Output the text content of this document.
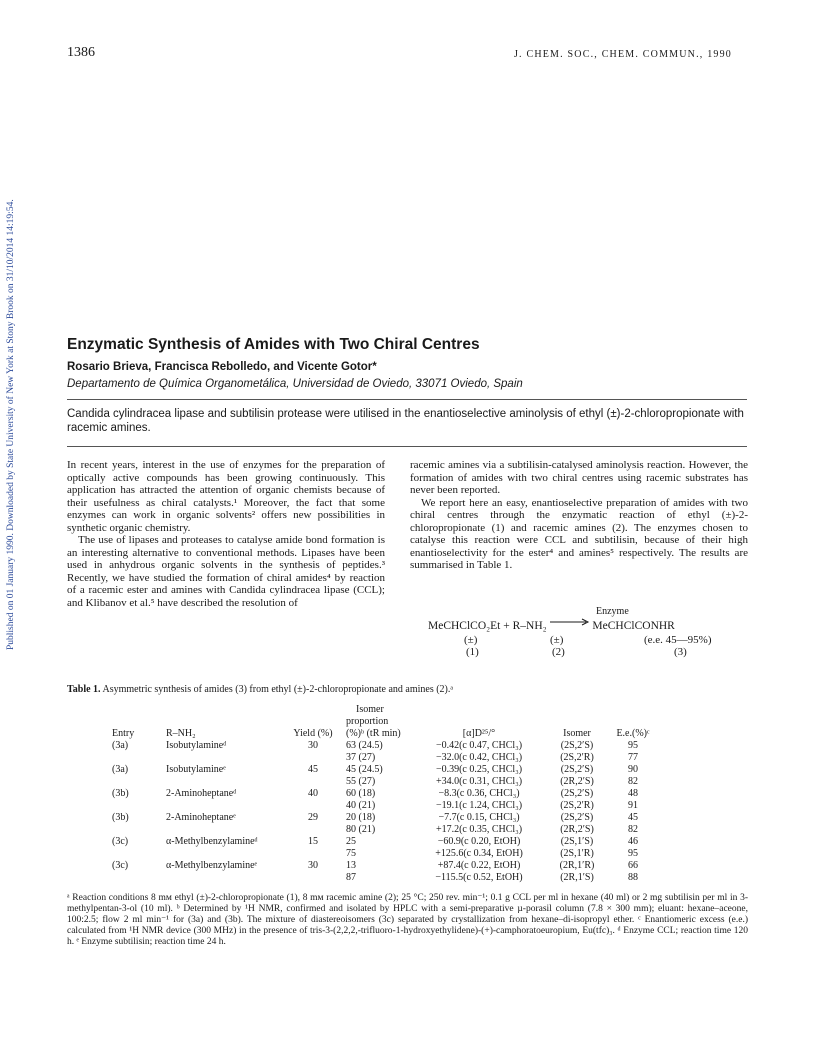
Published on 01 January 1990. Downloaded by State University of New York at Stony Brook on 31/10/2014 14:19:54.
1386	J. CHEM. SOC., CHEM. COMMUN., 1990
Enzymatic Synthesis of Amides with Two Chiral Centres
Rosario Brieva, Francisca Rebolledo, and Vicente Gotor*
Departamento de Química Organometálica, Universidad de Oviedo, 33071 Oviedo, Spain

Candida cylindracea lipase and subtilisin protease were utilised in the enantioselective aminolysis of ethyl (±)-2-chloropropionate with racemic amines.

In recent years, interest in the use of enzymes for the preparation of optically active compounds has been growing continuously. This application has attracted the attention of organic chemists because of their usefulness as chiral catalysts.¹ Moreover, the fact that some enzymes can work in organic solvents² offers new possibilities in synthetic organic chemistry.

The use of lipases and proteases to catalyse amide bond formation is an interesting alternative to conventional methods. Lipases have been used in anhydrous organic solvents in the synthesis of peptides.³ Recently, we have studied the formation of chiral amides⁴ by reaction of a racemic ester and amines with Candida cylindracea lipase (CCL); and Klibanov et al.⁵ have described the resolution of

racemic amines via a subtilisin-catalysed aminolysis reaction. However, the formation of amides with two chiral centres using racemic substrates has never been reported.

We report here an easy, enantioselective preparation of amides with two chiral centres through the enzymatic reaction of ethyl (±)-2-chloropropionate (1) and racemic amines (2). The enzymes chosen to catalyse this reaction were CCL and subtilisin, because of their high enantioselectivity for the ester⁴ and amines⁵ respectively. The results are summarised in Table 1.

Enzyme
MeCHClCO₂Et + R–NH₂ → MeCHClCONHR
(±)	(±)	(e.e. 45—95%)
(1)	(2)	(3)
Table 1. Asymmetric synthesis of amides (3) from ethyl (±)-2-chloropropionate and amines (2).ᵃ
Entry	R–NH₂	Yield (%)	Isomer
proportion
(%)ᵇ (tR min)	[α]D²⁵/°	Isomer	E.e.(%)ᶜ
(3a)	Isobutylamineᵈ	30	63 (24.5)	−0.42(c 0.47, CHCl₃)	(2S,2′S)	95
			37 (27)	−32.0(c 0.42, CHCl₃)	(2S,2′R)	77
(3a)	Isobutylamineᵉ	45	45 (24.5)	−0.39(c 0.25, CHCl₃)	(2S,2′S)	90
			55 (27)	+34.0(c 0.31, CHCl₃)	(2R,2′S)	82
(3b)	2-Aminoheptaneᵈ	40	60 (18)	−8.3(c 0.36, CHCl₃)	(2S,2′S)	48
			40 (21)	−19.1(c 1.24, CHCl₃)	(2S,2′R)	91
(3b)	2-Aminoheptaneᵉ	29	20 (18)	−7.7(c 0.15, CHCl₃)	(2S,2′S)	45
			80 (21)	+17.2(c 0.35, CHCl₃)	(2R,2′S)	82
(3c)	α-Methylbenzylamineᵈ	15	25	−60.9(c 0.20, EtOH)	(2S,1′S)	46
			75	+125.6(c 0.34, EtOH)	(2S,1′R)	95
(3c)	α-Methylbenzylamineᵉ	30	13	+87.4(c 0.22, EtOH)	(2R,1′R)	66
			87	−115.5(c 0.52, EtOH)	(2R,1′S)	88

ᵃ Reaction conditions 8 mм ethyl (±)-2-chloropropionate (1), 8 mм racemic amine (2); 25 °C; 250 rev. min⁻¹; 0.1 g CCL per ml in hexane (40 ml) or 2 mg subtilisin per ml in 3-methylpentan-3-ol (10 ml). ᵇ Determined by ¹H NMR, confirmed and isolated by HPLC with a semi-preparative µ-porasil column (7.8 × 300 mm); eluant: hexane–aceone, 100:2.5; flow 2 ml min⁻¹ for (3a) and (3b). The mixture of diastereoisomers (3c) separated by crystallization from hexane–di-isopropyl ether. ᶜ Enantiomeric excess (e.e.) calculated from ¹H NMR device (300 MHz) in the presence of tris-3-(2,2,2,-trifluoro-1-hydroxyethylidene)-(+)-camphoratoeuropium, Eu(tfc)₃. ᵈ Enzyme CCL; reaction time 120 h. ᵉ Enzyme subtilisin; reaction time 24 h.
